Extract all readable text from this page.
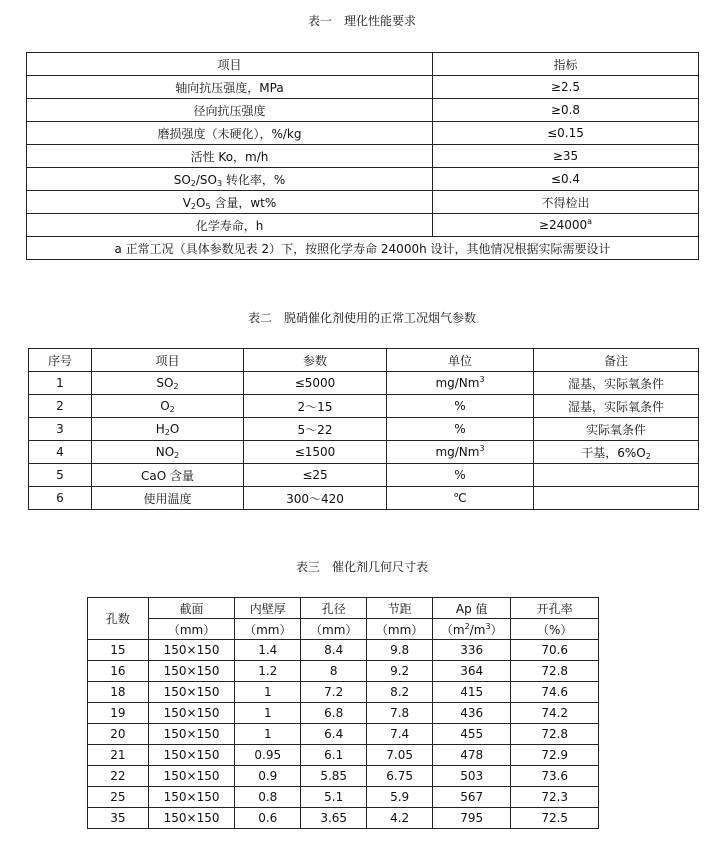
表一　理化性能要求
项目	指标
轴向抗压强度，MPa	≥2.5
径向抗压强度	≥0.8
磨损强度（未硬化），%/kg	≤0.15
活性 Ko，m/h	≥35
$SO_2/SO_3$ 转化率，%	≤0.4
$V_2O_5$ 含量，wt%	不得检出
化学寿命，h	$\ge 24000^a$
a 正常工况（具体参数见表 2）下，按照化学寿命 24000h 设计，其他情况根据实际需要设计	
表二　脱硝催化剂使用的正常工况烟气参数
序号	项目	参数	单位	备注
1	$SO_2$	≤5000	mg/Nm$^3$	湿基，实际氧条件
2	$O_2$	2～15	%	湿基，实际氧条件
3	$H_2O$	5～22	%	实际氧条件
4	$NO_2$	≤1500	mg/Nm$^3$	干基，$6\%O_2$
5	CaO 含量	≤25	%	
6	使用温度	300～420	℃	
表三　催化剂几何尺寸表
孔数	截面	内壁厚	孔径	节距	Ap 值	开孔率
	（mm）	（mm）	（mm）	（mm）	$(m^2/m^3)$	（%）
15	150×150	1.4	8.4	9.8	336	70.6
16	150×150	1.2	8	9.2	364	72.8
18	150×150	1	7.2	8.2	415	74.6
19	150×150	1	6.8	7.8	436	74.2
20	150×150	1	6.4	7.4	455	72.8
21	150×150	0.95	6.1	7.05	478	72.9
22	150×150	0.9	5.85	6.75	503	73.6
25	150×150	0.8	5.1	5.9	567	72.3
35	150×150	0.6	3.65	4.2	795	72.5
